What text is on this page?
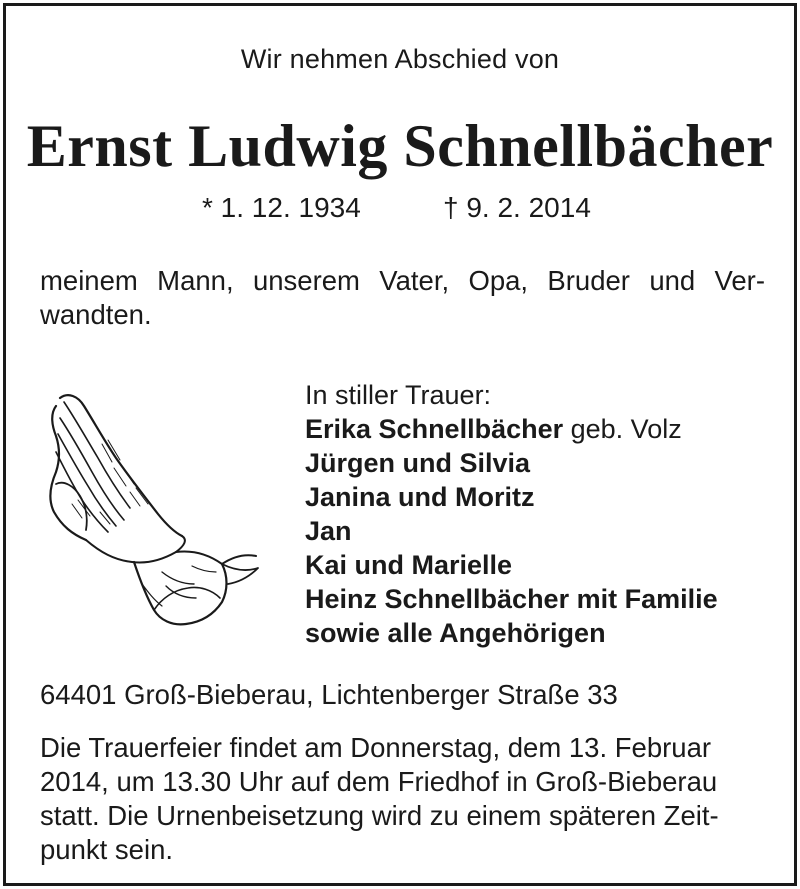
Wir nehmen Abschied von
Ernst Ludwig Schnellbächer
* 1. 12. 1934	† 9. 2. 2014

meinem Mann, unserem Vater, Opa, Bruder und Ver-wandten.

In stiller Trauer:
Erika Schnellbächer geb. Volz
Jürgen und Silvia
Janina und Moritz
Jan
Kai und Marielle
Heinz Schnellbächer mit Familie
sowie alle Angehörigen
64401 Groß-Bieberau, Lichtenberger Straße 33
Die Trauerfeier findet am Donnerstag, dem 13. Februar
2014, um 13.30 Uhr auf dem Friedhof in Groß-Bieberau
statt. Die Urnenbeisetzung wird zu einem späteren Zeit-
punkt sein.
